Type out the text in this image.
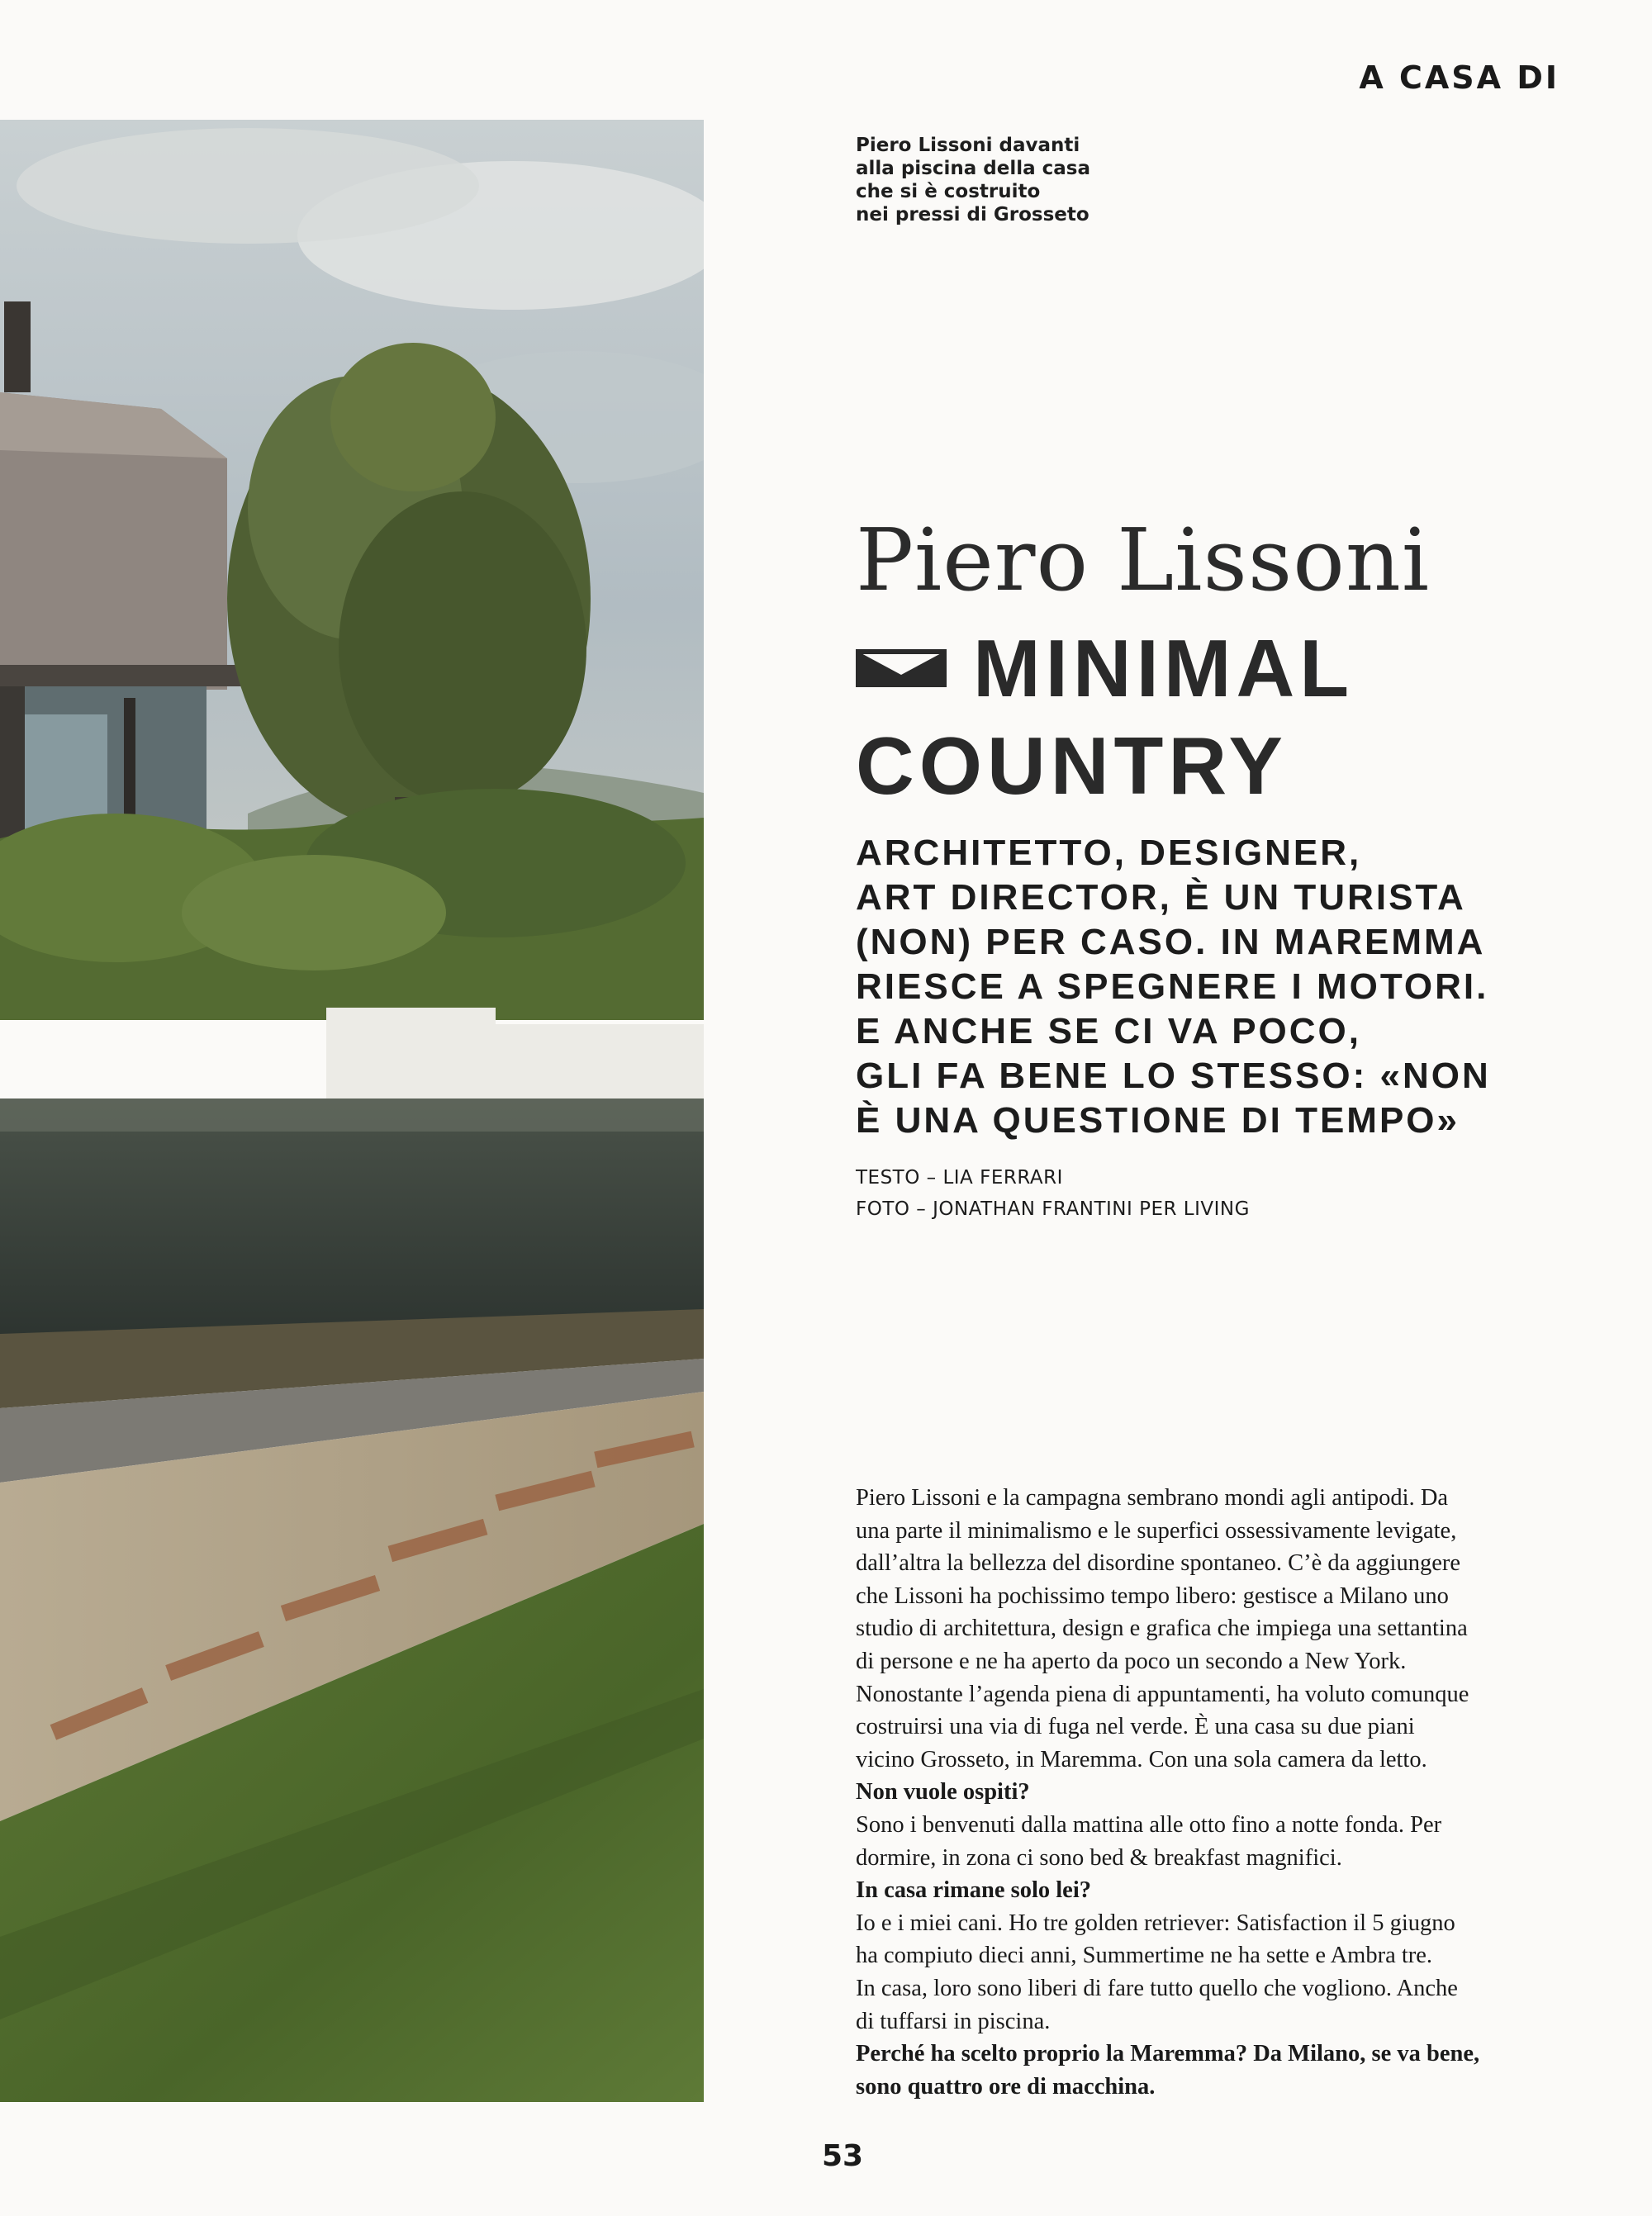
A CASA DI
Piero Lissoni davanti
alla piscina della casa
che si è costruito
nei pressi di Grosseto
Piero Lissoni
MINIMAL
COUNTRY
ARCHITETTO, DESIGNER,
ART DIRECTOR, È UN TURISTA
(NON) PER CASO. IN MAREMMA
RIESCE A SPEGNERE I MOTORI.
E ANCHE SE CI VA POCO,
GLI FA BENE LO STESSO: «NON
È UNA QUESTIONE DI TEMPO»
TESTO – LIA FERRARI
FOTO – JONATHAN FRANTINI PER LIVING
Piero Lissoni e la campagna sembrano mondi agli antipodi. Da
una parte il minimalismo e le superfici ossessivamente levigate,
dall’altra la bellezza del disordine spontaneo. C’è da aggiungere
che Lissoni ha pochissimo tempo libero: gestisce a Milano uno
studio di architettura, design e grafica che impiega una settantina
di persone e ne ha aperto da poco un secondo a New York.
Nonostante l’agenda piena di appuntamenti, ha voluto comunque
costruirsi una via di fuga nel verde. È una casa su due piani
vicino Grosseto, in Maremma. Con una sola camera da letto.
Non vuole ospiti?
Sono i benvenuti dalla mattina alle otto fino a notte fonda. Per
dormire, in zona ci sono bed & breakfast magnifici.
In casa rimane solo lei?
Io e i miei cani. Ho tre golden retriever: Satisfaction il 5 giugno
ha compiuto dieci anni, Summertime ne ha sette e Ambra tre.
In casa, loro sono liberi di fare tutto quello che vogliono. Anche
di tuffarsi in piscina.
Perché ha scelto proprio la Maremma? Da Milano, se va bene,
sono quattro ore di macchina.
53
